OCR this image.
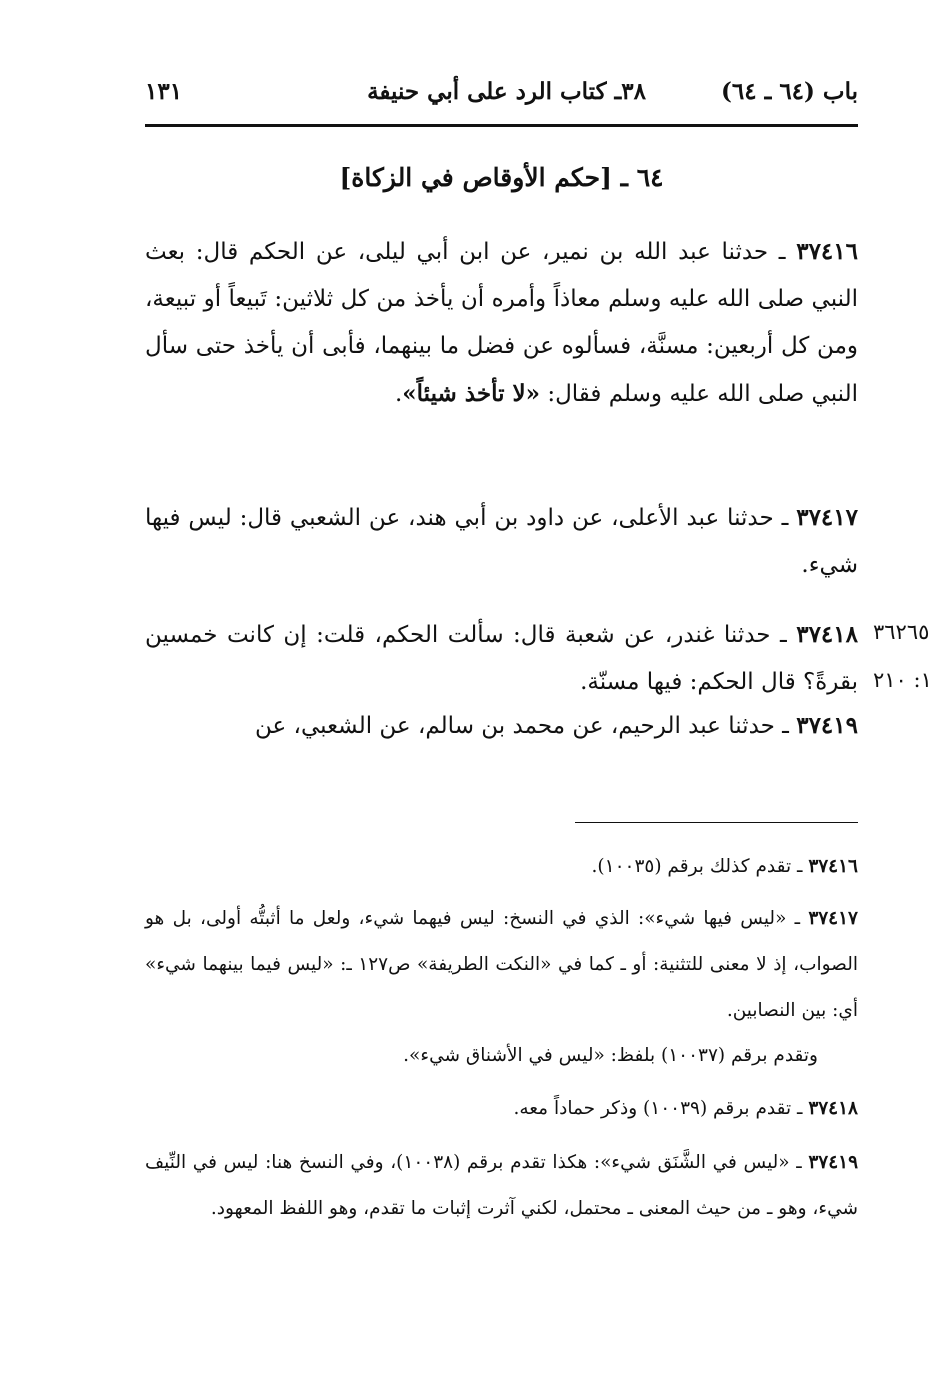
باب (٦٤ ـ ٦٤)
٣٨ـ كتاب الرد على أبي حنيفة
١٣١
٦٤ ـ [حكم الأوقاص في الزكاة]

٣٧٤١٦ ـ حدثنا عبد الله بن نمير، عن ابن أبي ليلى، عن الحكم قال: بعث النبي صلى الله عليه وسلم معاذاً وأمره أن يأخذ من كل ثلاثين: تَبيعاً أو تبيعة، ومن كل أربعين: مسنَّة، فسألوه عن فضل ما بينهما، فأبى أن يأخذ حتى سأل النبي صلى الله عليه وسلم فقال: «لا تأخذ شيئاً».

٣٧٤١٧ ـ حدثنا عبد الأعلى، عن داود بن أبي هند، عن الشعبي قال: ليس فيها شيء.

٣٧٤١٨ ـ حدثنا غندر، عن شعبة قال: سألت الحكم، قلت: إن كانت خمسين بقرةً؟ قال الحكم: فيها مسنّة.

٣٧٤١٩ ـ حدثنا عبد الرحيم، عن محمد بن سالم، عن الشعبي، عن

٣٦٢٦٥
١: ٢١٠

٣٧٤١٦ ـ تقدم كذلك برقم (١٠٠٣٥).

٣٧٤١٧ ـ «ليس فيها شيء»: الذي في النسخ: ليس فيهما شيء، ولعل ما أثبتُّه أولى، بل هو الصواب، إذ لا معنى للتثنية: أو ـ كما في «النكت الطريفة» ص١٢٧ ـ: «ليس فيما بينهما شيء» أي: بين النصابين.

وتقدم برقم (١٠٠٣٧) بلفظ: «ليس في الأشناق شيء».

٣٧٤١٨ ـ تقدم برقم (١٠٠٣٩) وذكر حماداً معه.

٣٧٤١٩ ـ «ليس في الشَّنَق شيء»: هكذا تقدم برقم (١٠٠٣٨)، وفي النسخ هنا: ليس في النِّيف شيء، وهو ـ من حيث المعنى ـ محتمل، لكني آثرت إثبات ما تقدم، وهو اللفظ المعهود.
